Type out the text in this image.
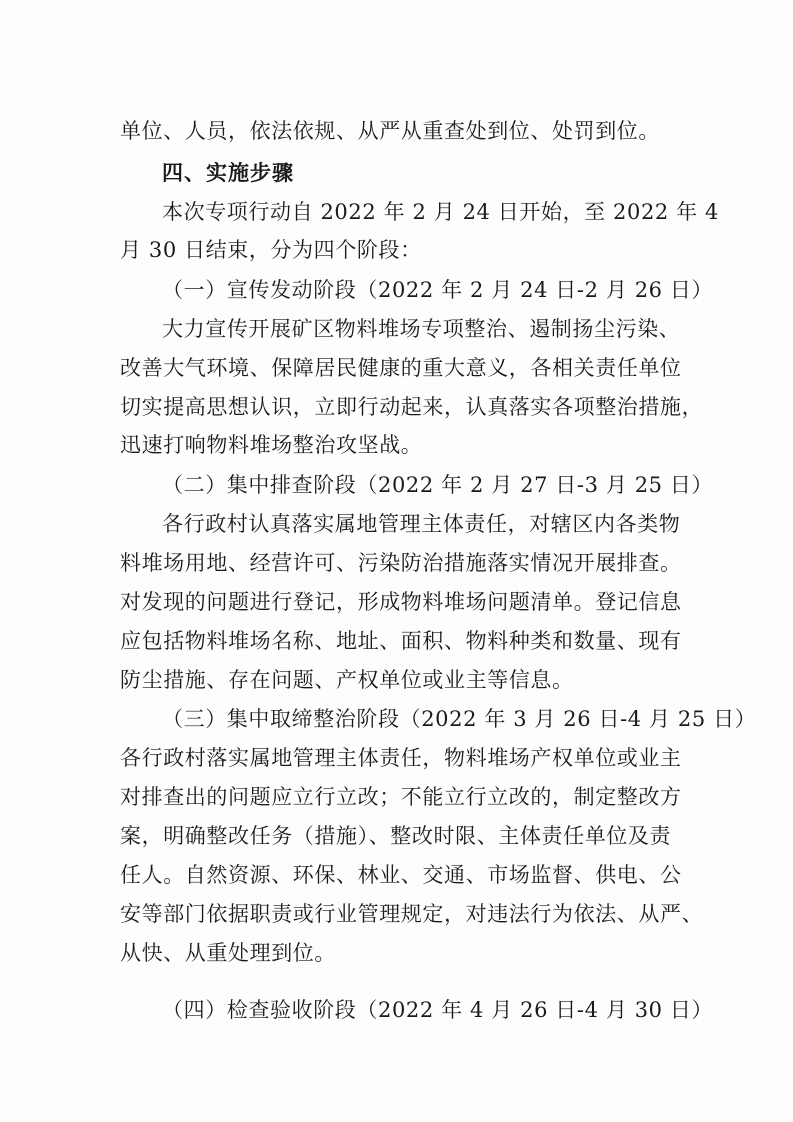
单位、人员，依法依规、从严从重查处到位、处罚到位。
四、实施步骤
本次专项行动自 2022 年 2 月 24 日开始，至 2022 年 4
月 30 日结束，分为四个阶段：
（一）宣传发动阶段（2022 年 2 月 24 日-2 月 26 日）
大力宣传开展矿区物料堆场专项整治、遏制扬尘污染、
改善大气环境、保障居民健康的重大意义，各相关责任单位
切实提高思想认识，立即行动起来，认真落实各项整治措施，
迅速打响物料堆场整治攻坚战。
（二）集中排查阶段（2022 年 2 月 27 日-3 月 25 日）
各行政村认真落实属地管理主体责任，对辖区内各类物
料堆场用地、经营许可、污染防治措施落实情况开展排查。
对发现的问题进行登记，形成物料堆场问题清单。登记信息
应包括物料堆场名称、地址、面积、物料种类和数量、现有
防尘措施、存在问题、产权单位或业主等信息。
（三）集中取缔整治阶段（2022 年 3 月 26 日-4 月 25 日）
各行政村落实属地管理主体责任，物料堆场产权单位或业主
对排查出的问题应立行立改；不能立行立改的，制定整改方
案，明确整改任务（措施）、整改时限、主体责任单位及责
任人。自然资源、环保、林业、交通、市场监督、供电、公
安等部门依据职责或行业管理规定，对违法行为依法、从严、
从快、从重处理到位。
（四）检查验收阶段（2022 年 4 月 26 日-4 月 30 日）
